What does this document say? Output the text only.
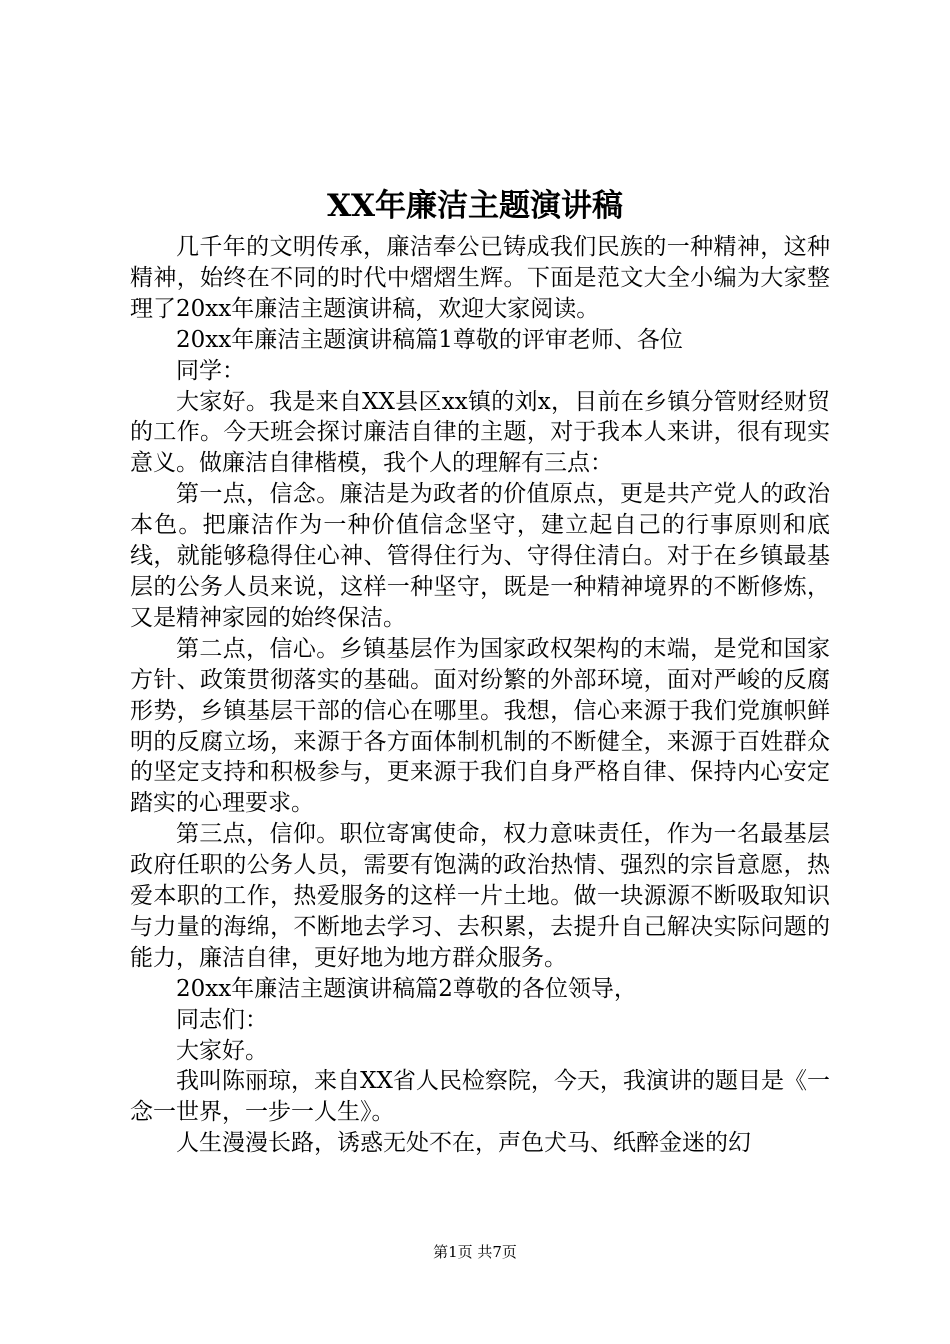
XX年廉洁主题演讲稿

几千年的文明传承，廉洁奉公已铸成我们民族的一种精神，这种精神，始终在不同的时代中熠熠生辉。下面是范文大全小编为大家整理了20xx年廉洁主题演讲稿，欢迎大家阅读。

20xx年廉洁主题演讲稿篇1尊敬的评审老师、各位

同学：

大家好。我是来自XX县区xx镇的刘x，目前在乡镇分管财经财贸的工作。今天班会探讨廉洁自律的主题，对于我本人来讲，很有现实意义。做廉洁自律楷模，我个人的理解有三点：

第一点，信念。廉洁是为政者的价值原点，更是共产党人的政治本色。把廉洁作为一种价值信念坚守，建立起自己的行事原则和底线，就能够稳得住心神、管得住行为、守得住清白。对于在乡镇最基层的公务人员来说，这样一种坚守，既是一种精神境界的不断修炼，又是精神家园的始终保洁。

第二点，信心。乡镇基层作为国家政权架构的末端，是党和国家方针、政策贯彻落实的基础。面对纷繁的外部环境，面对严峻的反腐形势，乡镇基层干部的信心在哪里。我想，信心来源于我们党旗帜鲜明的反腐立场，来源于各方面体制机制的不断健全，来源于百姓群众的坚定支持和积极参与，更来源于我们自身严格自律、保持内心安定踏实的心理要求。

第三点，信仰。职位寄寓使命，权力意味责任，作为一名最基层政府任职的公务人员，需要有饱满的政治热情、强烈的宗旨意愿，热爱本职的工作，热爱服务的这样一片土地。做一块源源不断吸取知识与力量的海绵，不断地去学习、去积累，去提升自己解决实际问题的能力，廉洁自律，更好地为地方群众服务。

20xx年廉洁主题演讲稿篇2尊敬的各位领导，

同志们：

大家好。

我叫陈丽琼，来自XX省人民检察院，今天，我演讲的题目是《一念一世界，一步一人生》。

人生漫漫长路，诱惑无处不在，声色犬马、纸醉金迷的幻

第1页 共7页
